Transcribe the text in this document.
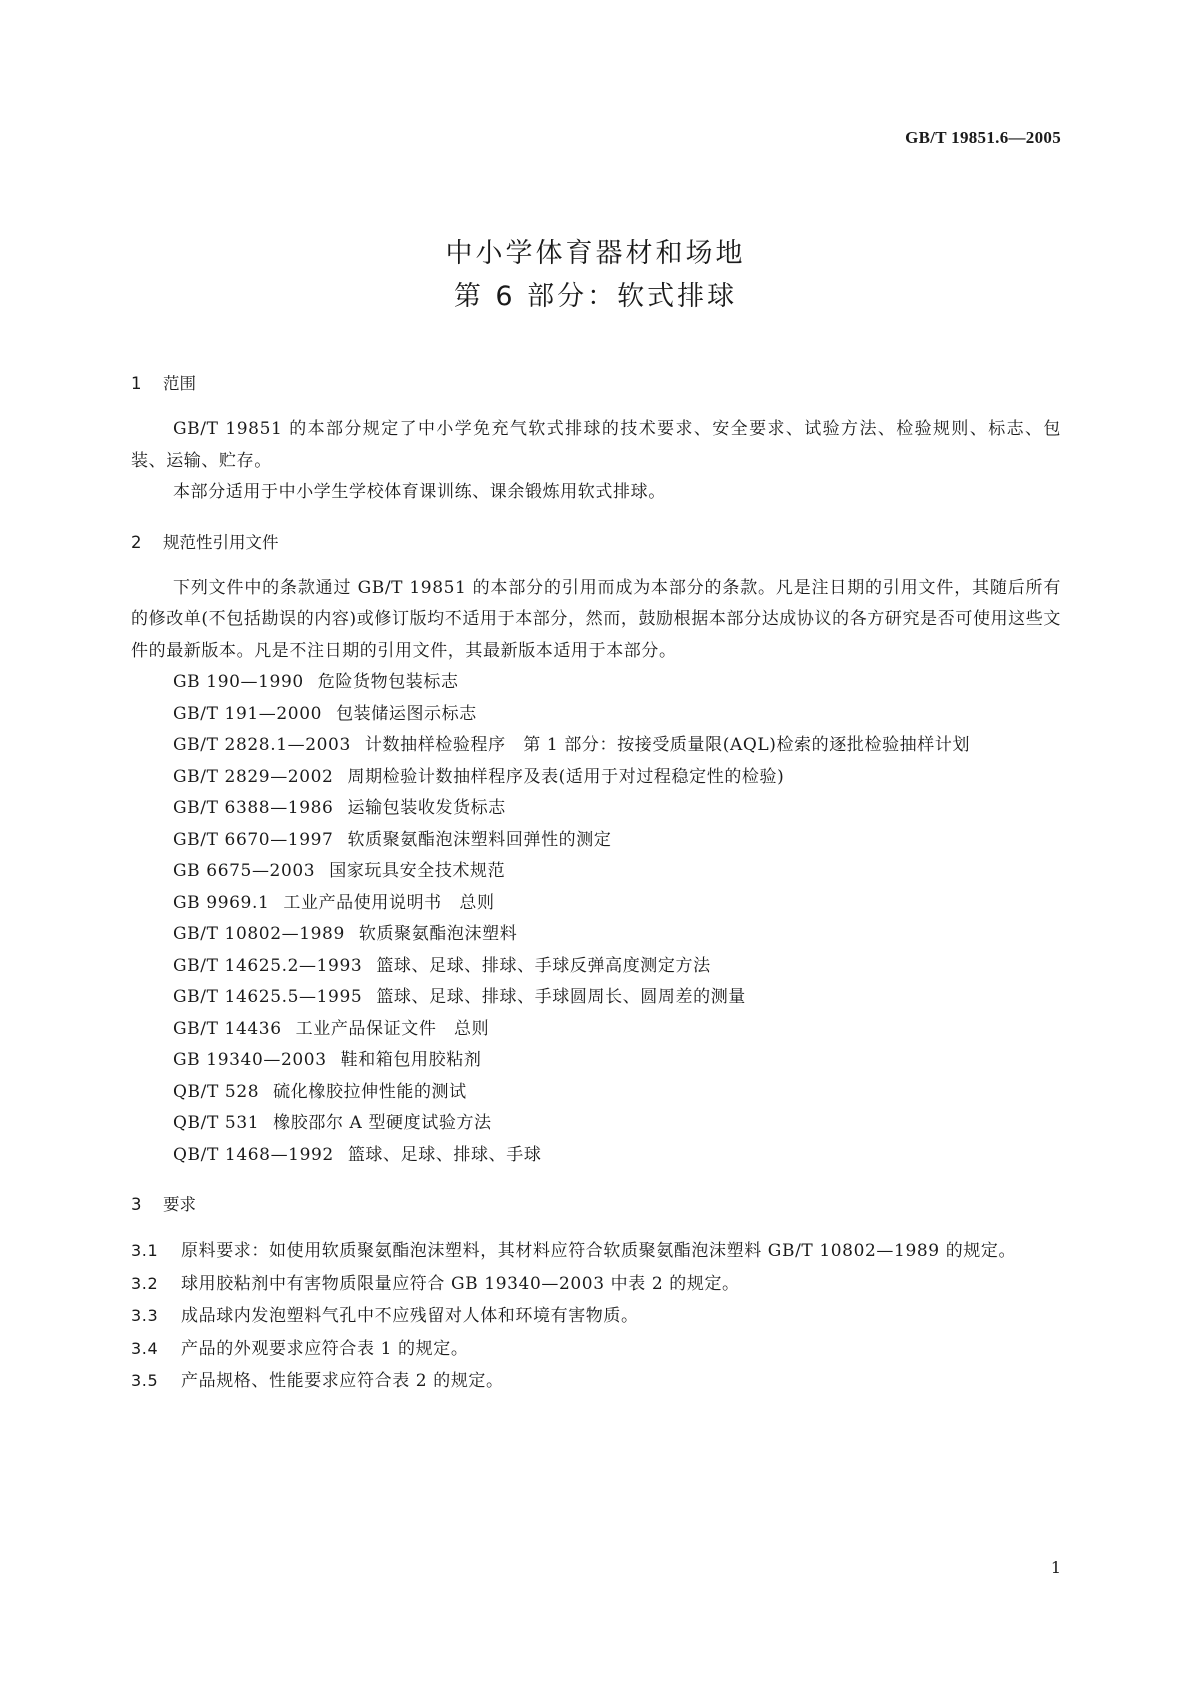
GB/T 19851.6—2005
中小学体育器材和场地
第 6 部分：软式排球
1 范围

GB/T 19851 的本部分规定了中小学免充气软式排球的技术要求、安全要求、试验方法、检验规则、标志、包装、运输、贮存。

本部分适用于中小学生学校体育课训练、课余锻炼用软式排球。

2 规范性引用文件

下列文件中的条款通过 GB/T 19851 的本部分的引用而成为本部分的条款。凡是注日期的引用文件，其随后所有的修改单(不包括勘误的内容)或修订版均不适用于本部分，然而，鼓励根据本部分达成协议的各方研究是否可使用这些文件的最新版本。凡是不注日期的引用文件，其最新版本适用于本部分。

GB 190—1990 危险货物包装标志
GB/T 191—2000 包装储运图示标志
GB/T 2828.1—2003 计数抽样检验程序　第 1 部分：按接受质量限(AQL)检索的逐批检验抽样计划
GB/T 2829—2002 周期检验计数抽样程序及表(适用于对过程稳定性的检验)
GB/T 6388—1986 运输包装收发货标志
GB/T 6670—1997 软质聚氨酯泡沫塑料回弹性的测定
GB 6675—2003 国家玩具安全技术规范
GB 9969.1 工业产品使用说明书　总则
GB/T 10802—1989 软质聚氨酯泡沫塑料
GB/T 14625.2—1993 篮球、足球、排球、手球反弹高度测定方法
GB/T 14625.5—1995 篮球、足球、排球、手球圆周长、圆周差的测量
GB/T 14436 工业产品保证文件　总则
GB 19340—2003 鞋和箱包用胶粘剂
QB/T 528 硫化橡胶拉伸性能的测试
QB/T 531 橡胶邵尔 A 型硬度试验方法
QB/T 1468—1992 篮球、足球、排球、手球
3 要求
3.1 原料要求：如使用软质聚氨酯泡沫塑料，其材料应符合软质聚氨酯泡沫塑料 GB/T 10802—1989 的规定。
3.2 球用胶粘剂中有害物质限量应符合 GB 19340—2003 中表 2 的规定。
3.3 成品球内发泡塑料气孔中不应残留对人体和环境有害物质。
3.4 产品的外观要求应符合表 1 的规定。
3.5 产品规格、性能要求应符合表 2 的规定。
1
